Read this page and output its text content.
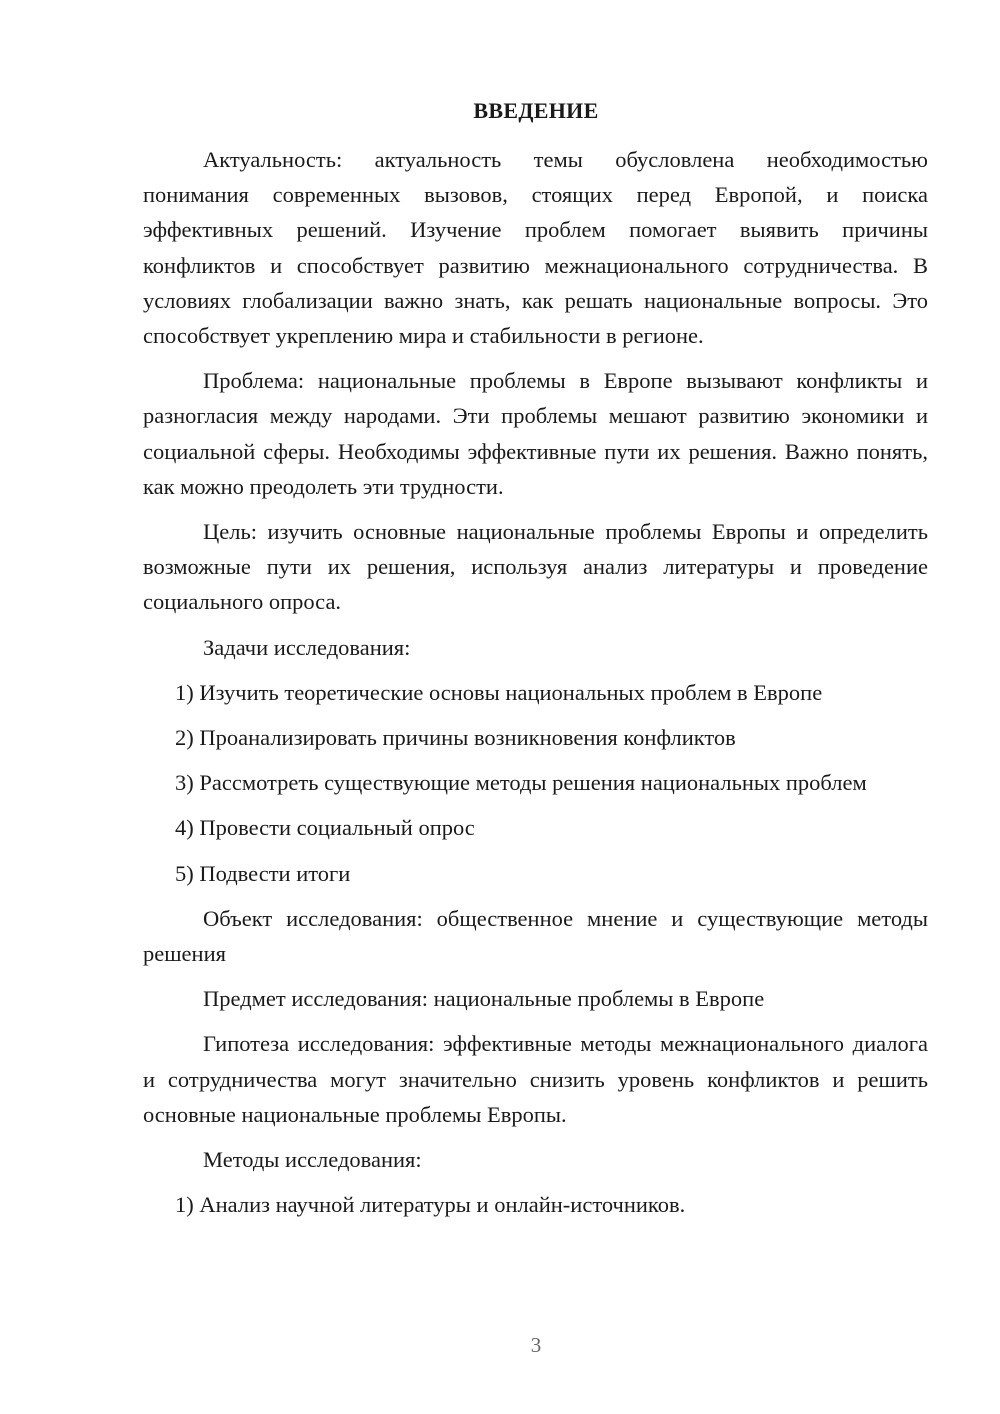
ВВЕДЕНИЕ

Актуальность: актуальность темы обусловлена необходимостью понимания современных вызовов, стоящих перед Европой, и поиска эффективных решений. Изучение проблем помогает выявить причины конфликтов и способствует развитию межнационального сотрудничества. В условиях глобализации важно знать, как решать национальные вопросы. Это способствует укреплению мира и стабильности в регионе.

Проблема: национальные проблемы в Европе вызывают конфликты и разногласия между народами. Эти проблемы мешают развитию экономики и социальной сферы. Необходимы эффективные пути их решения. Важно понять, как можно преодолеть эти трудности.

Цель: изучить основные национальные проблемы Европы и определить возможные пути их решения, используя анализ литературы и проведение социального опроса.

Задачи исследования:

1) Изучить теоретические основы национальных проблем в Европе

2) Проанализировать причины возникновения конфликтов

3) Рассмотреть существующие методы решения национальных проблем

4) Провести социальный опрос

5) Подвести итоги

Объект исследования: общественное мнение и существующие методы решения

Предмет исследования: национальные проблемы в Европе

Гипотеза исследования: эффективные методы межнационального диалога и сотрудничества могут значительно снизить уровень конфликтов и решить основные национальные проблемы Европы.

Методы исследования:

1) Анализ научной литературы и онлайн-источников.

3
